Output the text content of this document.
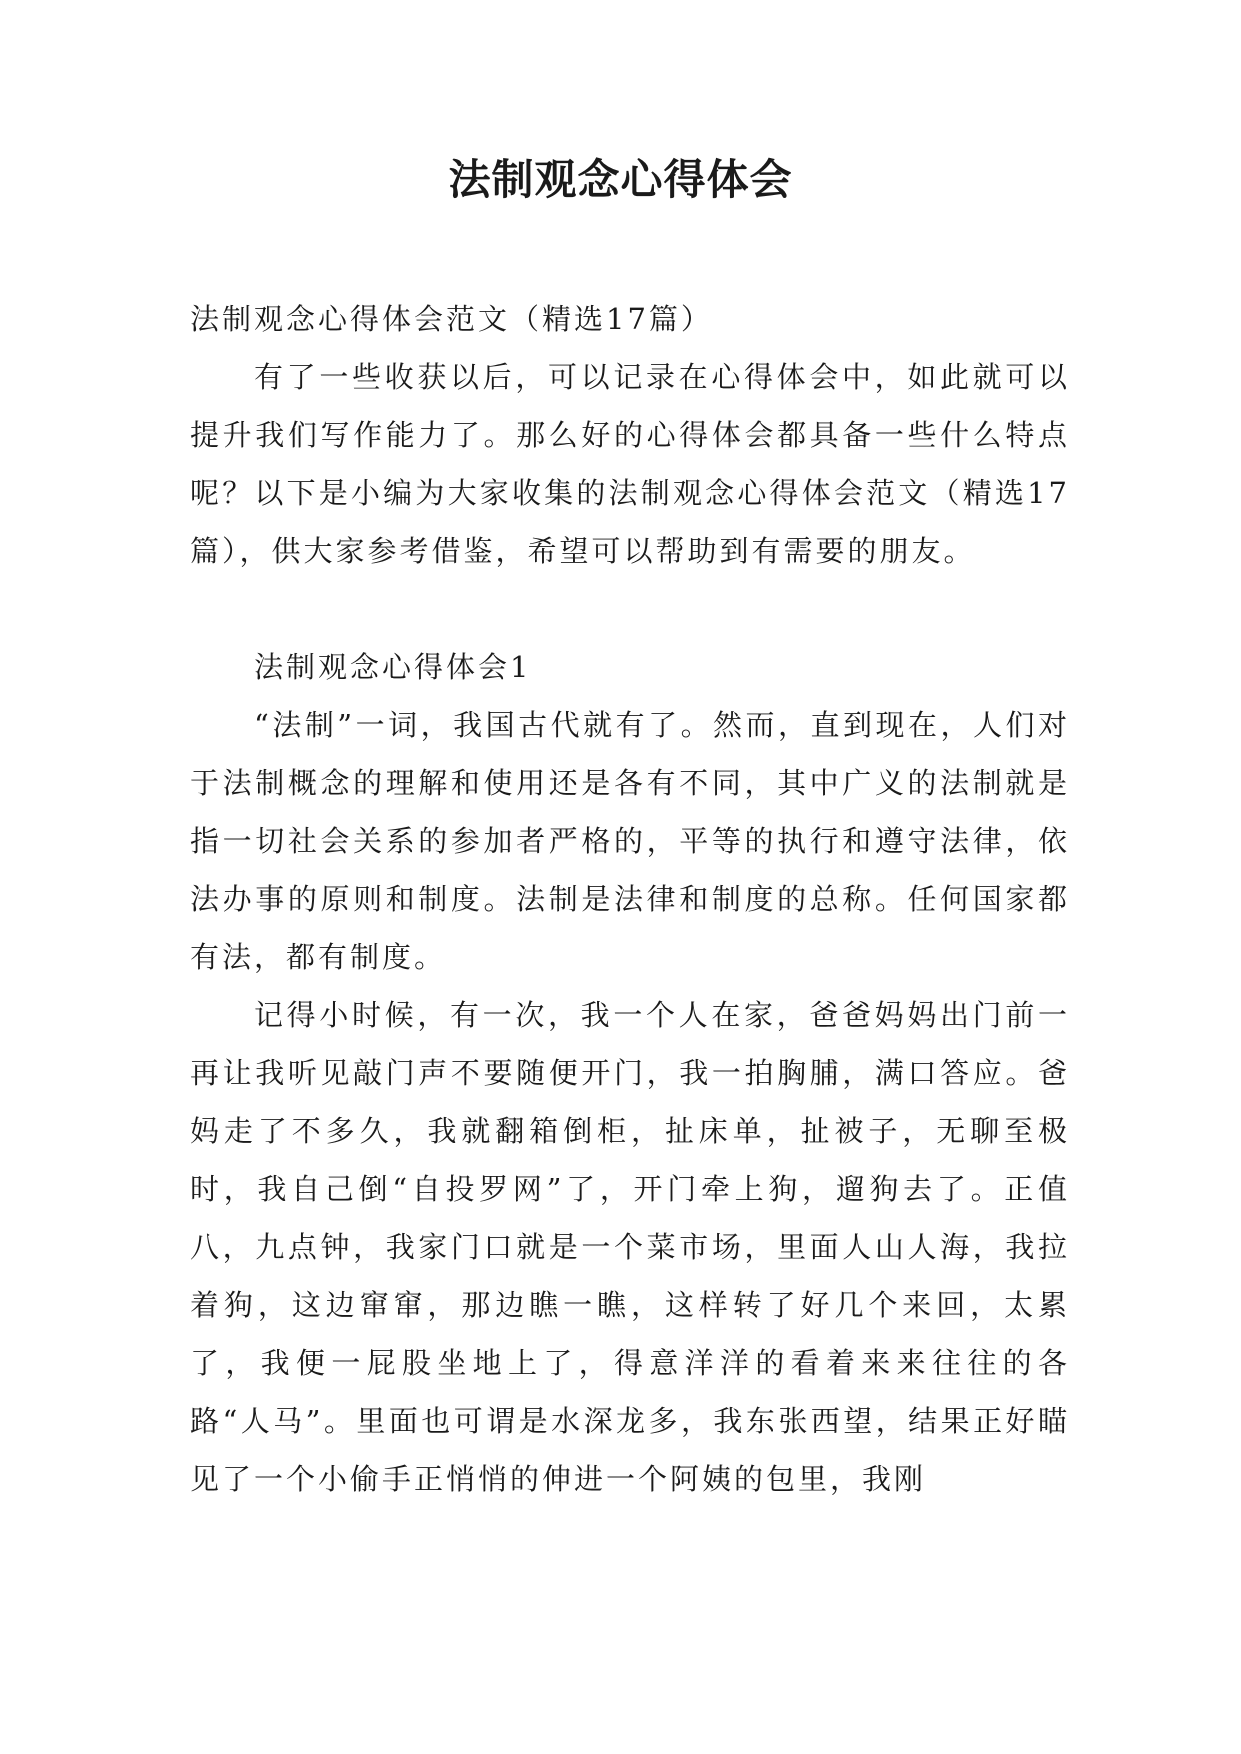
法制观念心得体会

法制观念心得体会范文（精选17篇）

有了一些收获以后，可以记录在心得体会中，如此就可以提升我们写作能力了。那么好的心得体会都具备一些什么特点呢？以下是小编为大家收集的法制观念心得体会范文（精选17篇），供大家参考借鉴，希望可以帮助到有需要的朋友。

法制观念心得体会1

“法制”一词，我国古代就有了。然而，直到现在，人们对于法制概念的理解和使用还是各有不同，其中广义的法制就是指一切社会关系的参加者严格的，平等的执行和遵守法律，依法办事的原则和制度。法制是法律和制度的总称。任何国家都有法，都有制度。

记得小时候，有一次，我一个人在家，爸爸妈妈出门前一再让我听见敲门声不要随便开门，我一拍胸脯，满口答应。爸妈走了不多久，我就翻箱倒柜，扯床单，扯被子，无聊至极时，我自己倒“自投罗网”了，开门牵上狗，遛狗去了。正值八，九点钟，我家门口就是一个菜市场，里面人山人海，我拉着狗，这边窜窜，那边瞧一瞧，这样转了好几个来回，太累了，我便一屁股坐地上了，得意洋洋的看着来来往往的各路“人马”。里面也可谓是水深龙多，我东张西望，结果正好瞄见了一个小偷手正悄悄的伸进一个阿姨的包里，我刚
